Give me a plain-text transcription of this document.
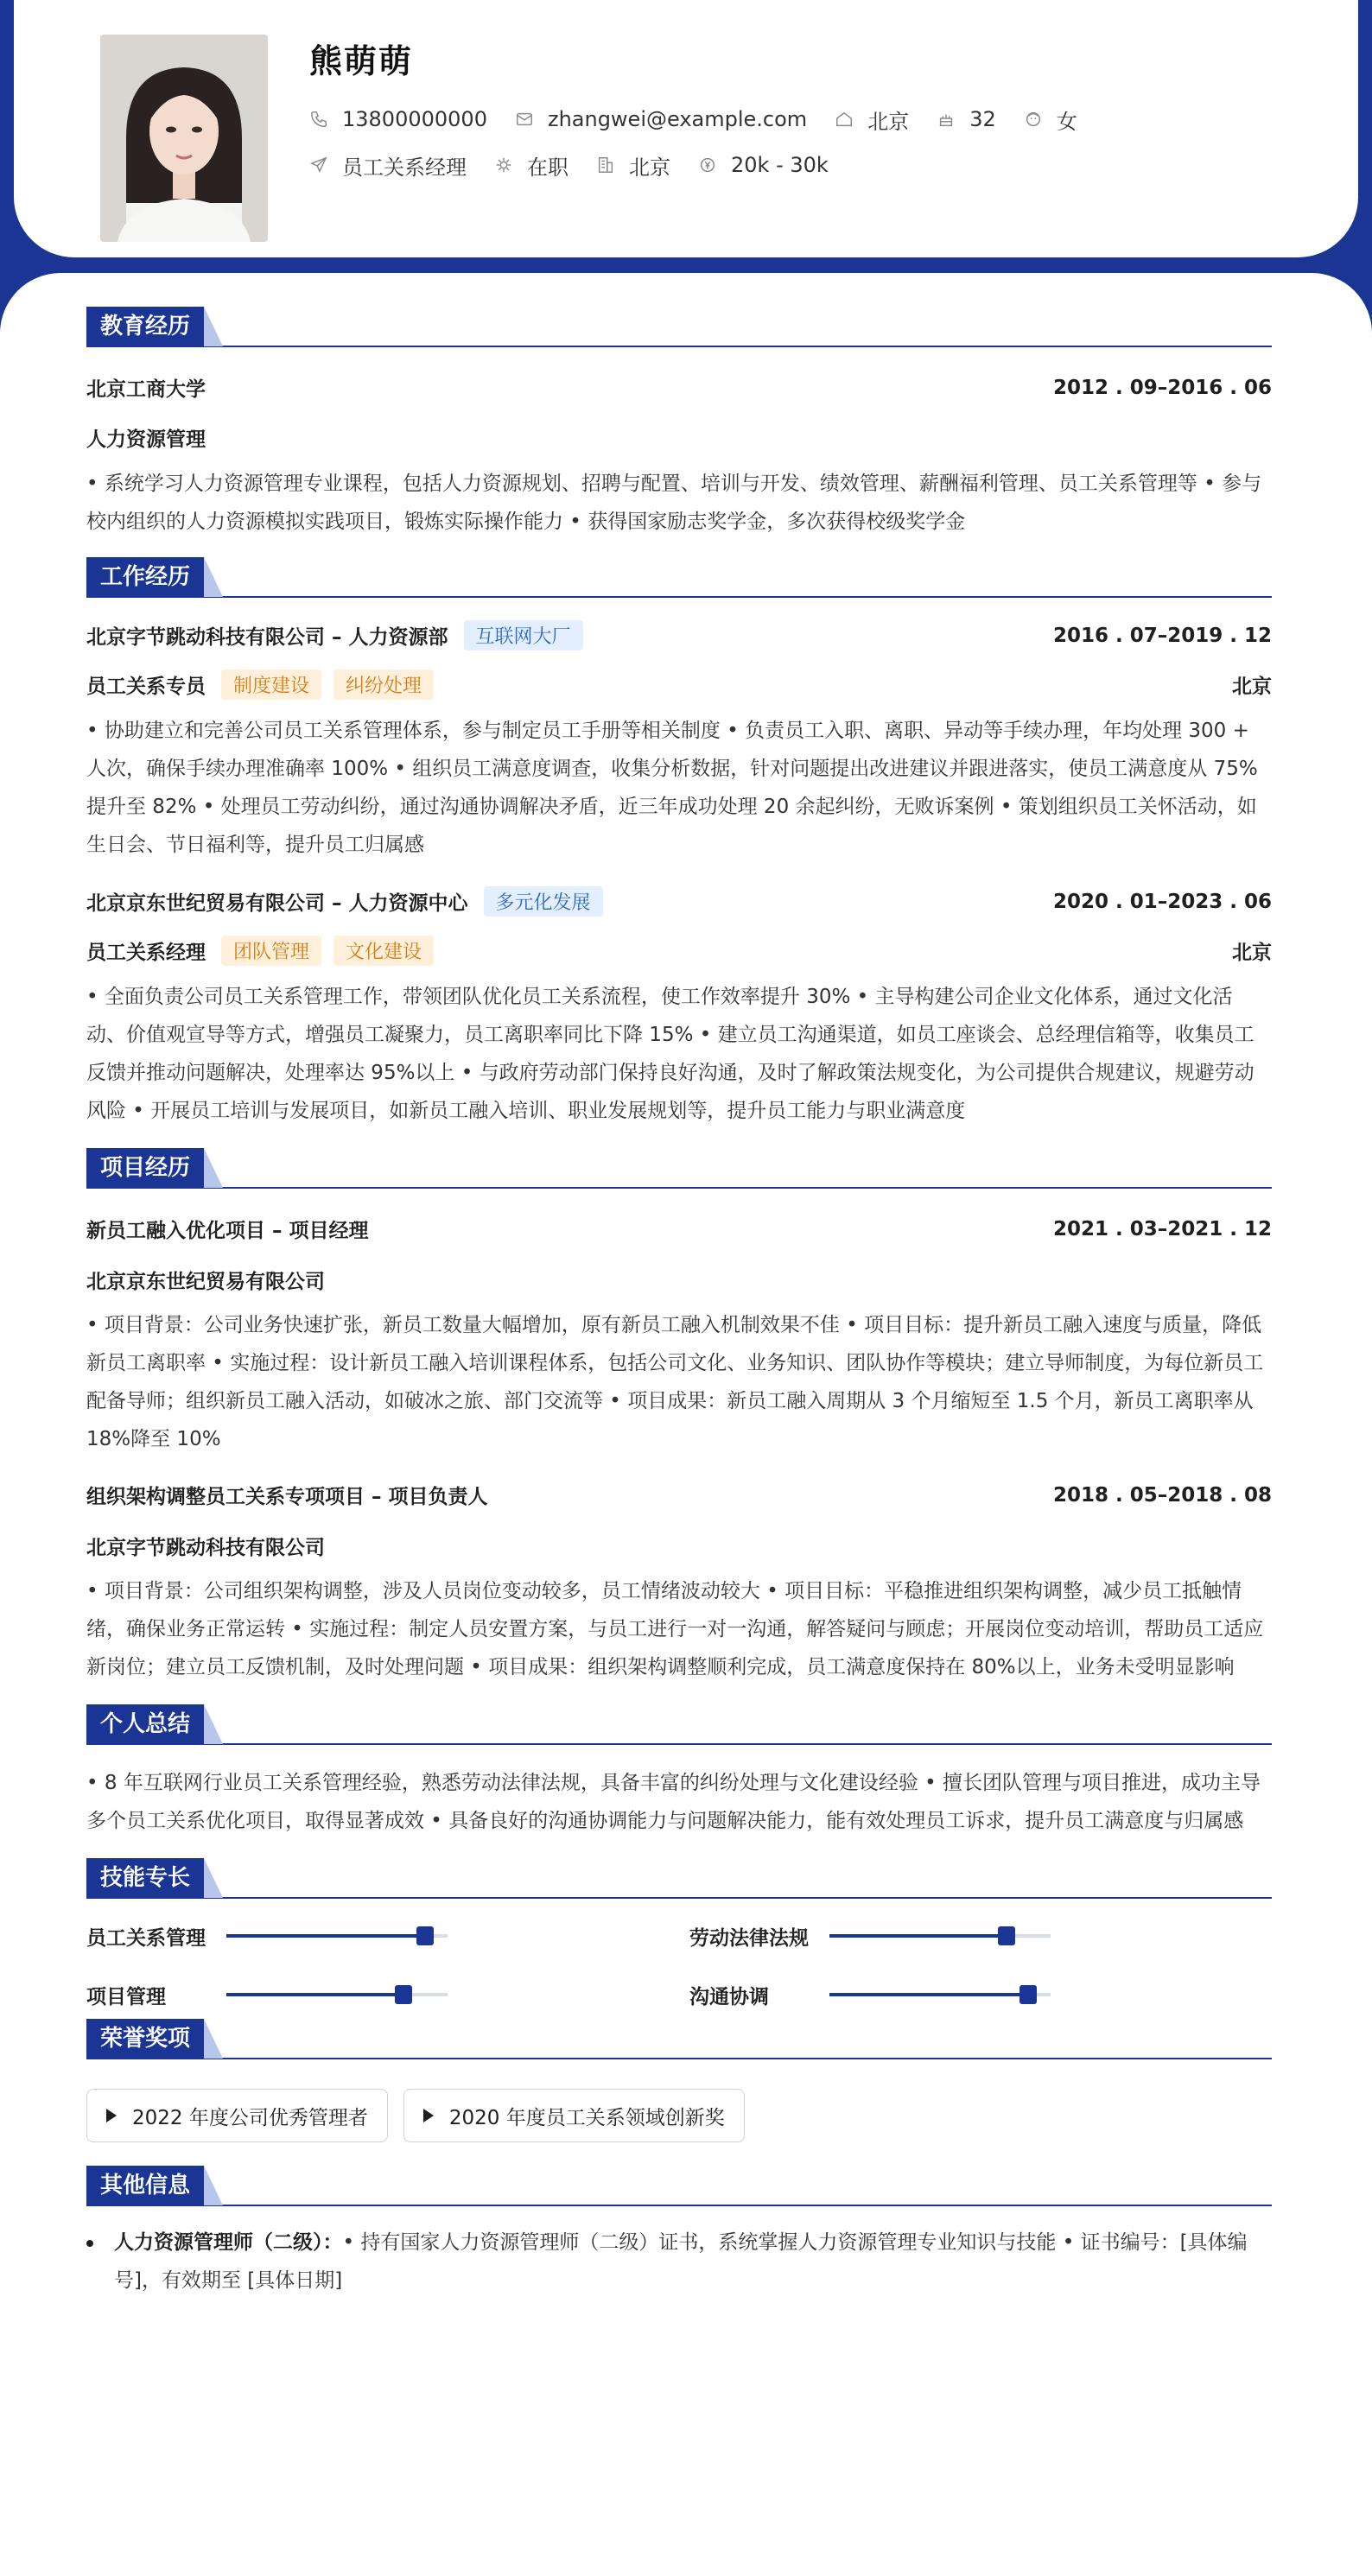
熊萌萌
13800000000	zhangwei@example.com	北京	32	女
员工关系经理	在职	北京	20k - 30k
教育经历
北京工商大学	2012 . 09–2016 . 06
人力资源管理
• 系统学习人力资源管理专业课程，包括人力资源规划、招聘与配置、培训与开发、绩效管理、薪酬福利管理、员工关系管理等 • 参与校内组织的人力资源模拟实践项目，锻炼实际操作能力 • 获得国家励志奖学金，多次获得校级奖学金
工作经历
北京字节跳动科技有限公司 – 人力资源部	互联网大厂	2016 . 07–2019 . 12
员工关系专员	制度建设	纠纷处理	北京
• 协助建立和完善公司员工关系管理体系，参与制定员工手册等相关制度 • 负责员工入职、离职、异动等手续办理，年均处理 300 + 人次，确保手续办理准确率 100% • 组织员工满意度调查，收集分析数据，针对问题提出改进建议并跟进落实，使员工满意度从 75%提升至 82% • 处理员工劳动纠纷，通过沟通协调解决矛盾，近三年成功处理 20 余起纠纷，无败诉案例 • 策划组织员工关怀活动，如生日会、节日福利等，提升员工归属感
北京京东世纪贸易有限公司 – 人力资源中心	多元化发展	2020 . 01–2023 . 06
员工关系经理	团队管理	文化建设	北京
• 全面负责公司员工关系管理工作，带领团队优化员工关系流程，使工作效率提升 30% • 主导构建公司企业文化体系，通过文化活动、价值观宣导等方式，增强员工凝聚力，员工离职率同比下降 15% • 建立员工沟通渠道，如员工座谈会、总经理信箱等，收集员工反馈并推动问题解决，处理率达 95%以上 • 与政府劳动部门保持良好沟通，及时了解政策法规变化，为公司提供合规建议，规避劳动风险 • 开展员工培训与发展项目，如新员工融入培训、职业发展规划等，提升员工能力与职业满意度
项目经历
新员工融入优化项目 – 项目经理	2021 . 03–2021 . 12
北京京东世纪贸易有限公司
• 项目背景：公司业务快速扩张，新员工数量大幅增加，原有新员工融入机制效果不佳 • 项目目标：提升新员工融入速度与质量，降低新员工离职率 • 实施过程：设计新员工融入培训课程体系，包括公司文化、业务知识、团队协作等模块；建立导师制度，为每位新员工配备导师；组织新员工融入活动，如破冰之旅、部门交流等 • 项目成果：新员工融入周期从 3 个月缩短至 1.5 个月，新员工离职率从 18%降至 10%
组织架构调整员工关系专项项目 – 项目负责人	2018 . 05–2018 . 08
北京字节跳动科技有限公司
• 项目背景：公司组织架构调整，涉及人员岗位变动较多，员工情绪波动较大 • 项目目标：平稳推进组织架构调整，减少员工抵触情绪，确保业务正常运转 • 实施过程：制定人员安置方案，与员工进行一对一沟通，解答疑问与顾虑；开展岗位变动培训，帮助员工适应新岗位；建立员工反馈机制，及时处理问题 • 项目成果：组织架构调整顺利完成，员工满意度保持在 80%以上，业务未受明显影响
个人总结
• 8 年互联网行业员工关系管理经验，熟悉劳动法律法规，具备丰富的纠纷处理与文化建设经验 • 擅长团队管理与项目推进，成功主导多个员工关系优化项目，取得显著成效 • 具备良好的沟通协调能力与问题解决能力，能有效处理员工诉求，提升员工满意度与归属感
技能专长
员工关系管理	劳动法律法规
项目管理	沟通协调
荣誉奖项
2022 年度公司优秀管理者	2020 年度员工关系领域创新奖
其他信息
人力资源管理师（二级）：• 持有国家人力资源管理师（二级）证书，系统掌握人力资源管理专业知识与技能 • 证书编号：[具体编号]，有效期至 [具体日期]
